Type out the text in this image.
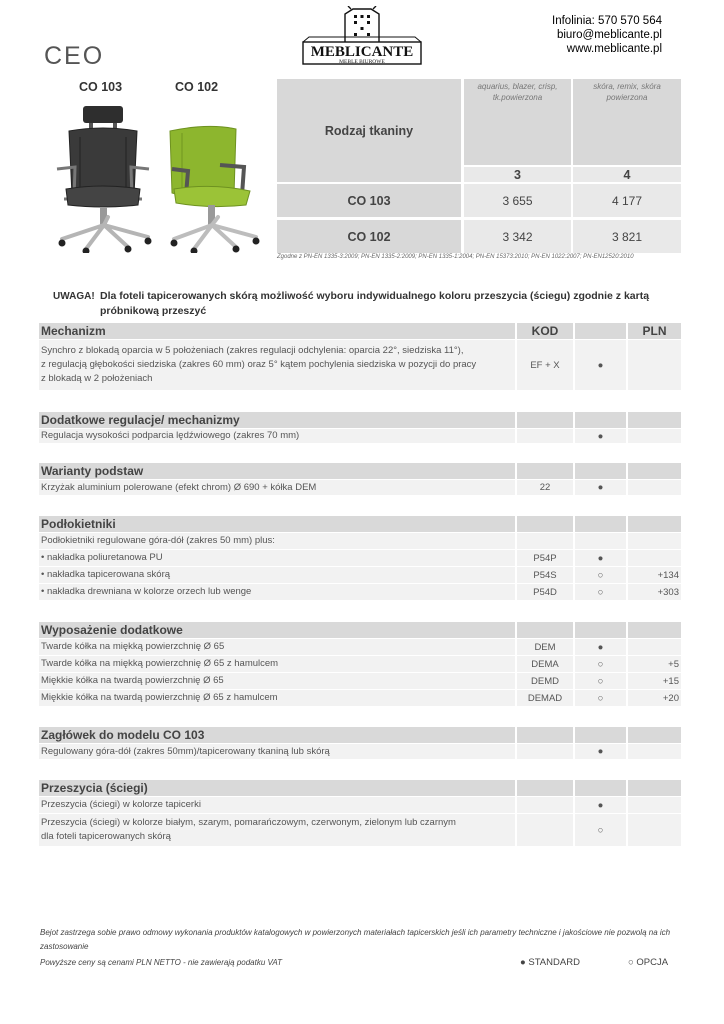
CEO	MEBLICANTE
MEBLE BIUROWE
Infolinia: 570 570 564
biuro@meblicante.pl
www.meblicante.pl
CO 103	CO 102
Rodzaj tkaniny
aquarius, blazer, crisp, tk.powierzona
skóra, remix, skóra powierzona
3	4
CO 103	3 655	4 177
CO 102	3 342	3 821
Zgodne z PN-EN 1335-3:2009; PN-EN 1335-2:2009; PN-EN 1335-1:2004; PN-EN 15373:2010; PN-EN 1022:2007; PN-EN12520:2010
UWAGA! Dla foteli tapicerowanych skórą możliwość wyboru indywidualnego koloru przeszycia (ściegu) zgodnie z kartą próbnikową przeszyć
Mechanizm	KOD	PLN
Synchro z blokadą oparcia w 5 położeniach (zakres regulacji odchylenia: oparcia 22°, siedziska 11°),
z regulacją głębokości siedziska (zakres 60 mm) oraz 5° kątem pochylenia siedziska w pozycji do pracy
z blokadą w 2 położeniach
EF + X	●
Dodatkowe regulacje/ mechanizmy
Regulacja wysokości podparcia lędźwiowego (zakres 70 mm)	●
Warianty podstaw
Krzyżak aluminium polerowane (efekt chrom) Ø 690 + kółka DEM	22	●
Podłokietniki
Podłokietniki regulowane góra-dół (zakres 50 mm) plus:
• nakładka poliuretanowa PU	P54P	●
• nakładka tapicerowana skórą	P54S	○	+134
• nakładka drewniana w kolorze orzech lub wenge	P54D	○	+303
Wyposażenie dodatkowe
Twarde kółka na miękką powierzchnię Ø 65	DEM	●
Twarde kółka na miękką powierzchnię Ø 65 z hamulcem	DEMA	○	+5
Miękkie kółka na twardą powierzchnię Ø 65	DEMD	○	+15
Miękkie kółka na twardą powierzchnię Ø 65 z hamulcem	DEMAD	○	+20
Zagłówek do modelu CO 103
Regulowany góra-dół (zakres 50mm)/tapicerowany tkaniną lub skórą	●
Przeszycia (ściegi)
Przeszycia (ściegi) w kolorze tapicerki	●
Przeszycia (ściegi) w kolorze białym, szarym, pomarańczowym, czerwonym, zielonym lub czarnym
dla foteli tapicerowanych skórą
○
Bejot zastrzega sobie prawo odmowy wykonania produktów katalogowych w powierzonych materiałach tapicerskich jeśli ich parametry techniczne i jakościowe nie pozwolą na ich zastosowanie
Powyższe ceny są cenami PLN NETTO - nie zawierają podatku VAT	● STANDARD	○ OPCJA
